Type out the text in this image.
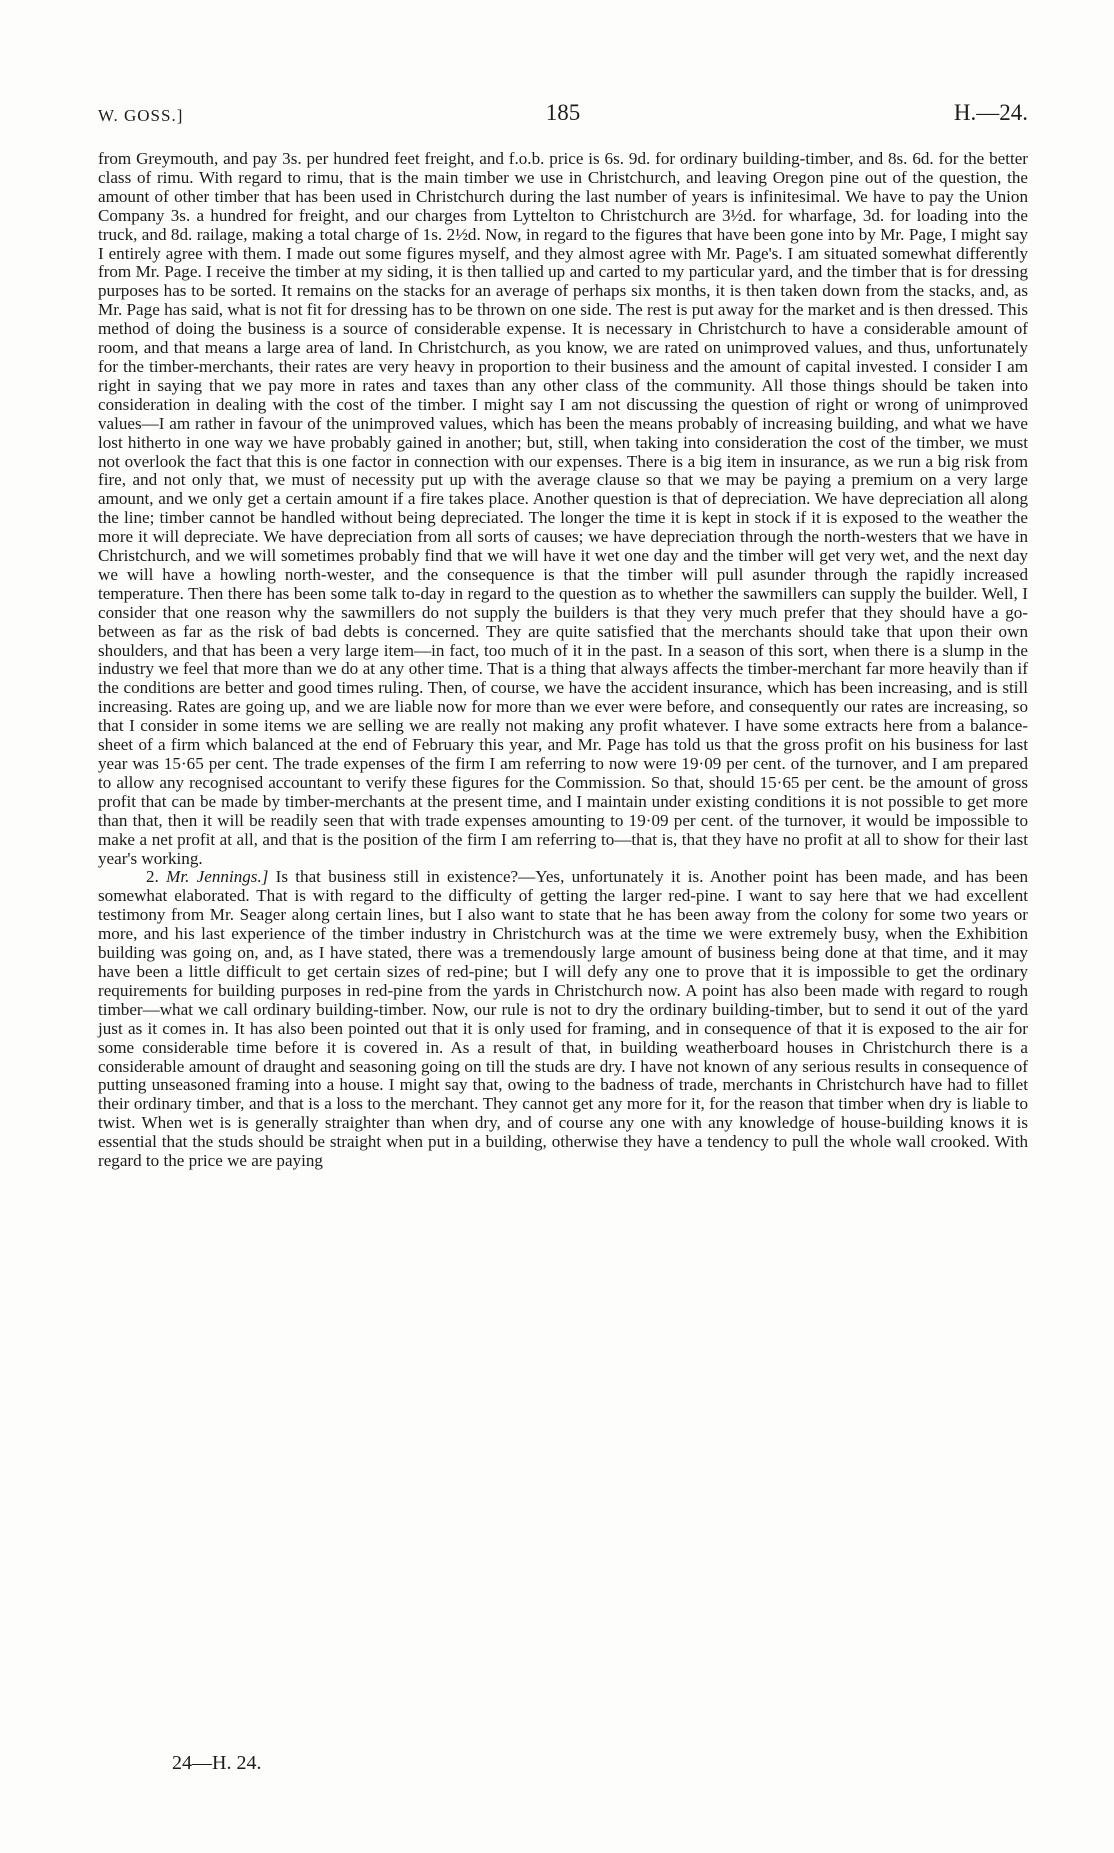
W. GOSS.]	185	H.—24.

from Greymouth, and pay 3s. per hundred feet freight, and f.o.b. price is 6s. 9d. for ordinary building-timber, and 8s. 6d. for the better class of rimu. With regard to rimu, that is the main timber we use in Christchurch, and leaving Oregon pine out of the question, the amount of other timber that has been used in Christchurch during the last number of years is infinitesimal. We have to pay the Union Company 3s. a hundred for freight, and our charges from Lyttelton to Christchurch are 3½d. for wharfage, 3d. for loading into the truck, and 8d. railage, making a total charge of 1s. 2½d. Now, in regard to the figures that have been gone into by Mr. Page, I might say I entirely agree with them. I made out some figures myself, and they almost agree with Mr. Page's. I am situated somewhat differently from Mr. Page. I receive the timber at my siding, it is then tallied up and carted to my particular yard, and the timber that is for dressing purposes has to be sorted. It remains on the stacks for an average of perhaps six months, it is then taken down from the stacks, and, as Mr. Page has said, what is not fit for dressing has to be thrown on one side. The rest is put away for the market and is then dressed. This method of doing the business is a source of considerable expense. It is necessary in Christchurch to have a considerable amount of room, and that means a large area of land. In Christchurch, as you know, we are rated on unimproved values, and thus, unfortunately for the timber-merchants, their rates are very heavy in proportion to their business and the amount of capital invested. I consider I am right in saying that we pay more in rates and taxes than any other class of the community. All those things should be taken into consideration in dealing with the cost of the timber. I might say I am not discussing the question of right or wrong of unimproved values—I am rather in favour of the unimproved values, which has been the means probably of increasing building, and what we have lost hitherto in one way we have probably gained in another; but, still, when taking into consideration the cost of the timber, we must not overlook the fact that this is one factor in connection with our expenses. There is a big item in insurance, as we run a big risk from fire, and not only that, we must of necessity put up with the average clause so that we may be paying a premium on a very large amount, and we only get a certain amount if a fire takes place. Another question is that of depreciation. We have depreciation all along the line; timber cannot be handled without being depreciated. The longer the time it is kept in stock if it is exposed to the weather the more it will depreciate. We have depreciation from all sorts of causes; we have depreciation through the north-westers that we have in Christchurch, and we will sometimes probably find that we will have it wet one day and the timber will get very wet, and the next day we will have a howling north-wester, and the consequence is that the timber will pull asunder through the rapidly increased temperature. Then there has been some talk to-day in regard to the question as to whether the sawmillers can supply the builder. Well, I consider that one reason why the sawmillers do not supply the builders is that they very much prefer that they should have a go-between as far as the risk of bad debts is concerned. They are quite satisfied that the merchants should take that upon their own shoulders, and that has been a very large item—in fact, too much of it in the past. In a season of this sort, when there is a slump in the industry we feel that more than we do at any other time. That is a thing that always affects the timber-merchant far more heavily than if the conditions are better and good times ruling. Then, of course, we have the accident insurance, which has been increasing, and is still increasing. Rates are going up, and we are liable now for more than we ever were before, and consequently our rates are increasing, so that I consider in some items we are selling we are really not making any profit whatever. I have some extracts here from a balance-sheet of a firm which balanced at the end of February this year, and Mr. Page has told us that the gross profit on his business for last year was 15·65 per cent. The trade expenses of the firm I am referring to now were 19·09 per cent. of the turnover, and I am prepared to allow any recognised accountant to verify these figures for the Commission. So that, should 15·65 per cent. be the amount of gross profit that can be made by timber-merchants at the present time, and I maintain under existing conditions it is not possible to get more than that, then it will be readily seen that with trade expenses amounting to 19·09 per cent. of the turnover, it would be impossible to make a net profit at all, and that is the position of the firm I am referring to—that is, that they have no profit at all to show for their last year's working.

2. Mr. Jennings.] Is that business still in existence?—Yes, unfortunately it is. Another point has been made, and has been somewhat elaborated. That is with regard to the difficulty of getting the larger red-pine. I want to say here that we had excellent testimony from Mr. Seager along certain lines, but I also want to state that he has been away from the colony for some two years or more, and his last experience of the timber industry in Christchurch was at the time we were extremely busy, when the Exhibition building was going on, and, as I have stated, there was a tremendously large amount of business being done at that time, and it may have been a little difficult to get certain sizes of red-pine; but I will defy any one to prove that it is impossible to get the ordinary requirements for building purposes in red-pine from the yards in Christchurch now. A point has also been made with regard to rough timber—what we call ordinary building-timber. Now, our rule is not to dry the ordinary building-timber, but to send it out of the yard just as it comes in. It has also been pointed out that it is only used for framing, and in consequence of that it is exposed to the air for some considerable time before it is covered in. As a result of that, in building weatherboard houses in Christchurch there is a considerable amount of draught and seasoning going on till the studs are dry. I have not known of any serious results in consequence of putting unseasoned framing into a house. I might say that, owing to the badness of trade, merchants in Christchurch have had to fillet their ordinary timber, and that is a loss to the merchant. They cannot get any more for it, for the reason that timber when dry is liable to twist. When wet is is generally straighter than when dry, and of course any one with any knowledge of house-building knows it is essential that the studs should be straight when put in a building, otherwise they have a tendency to pull the whole wall crooked. With regard to the price we are paying

24—H. 24.
